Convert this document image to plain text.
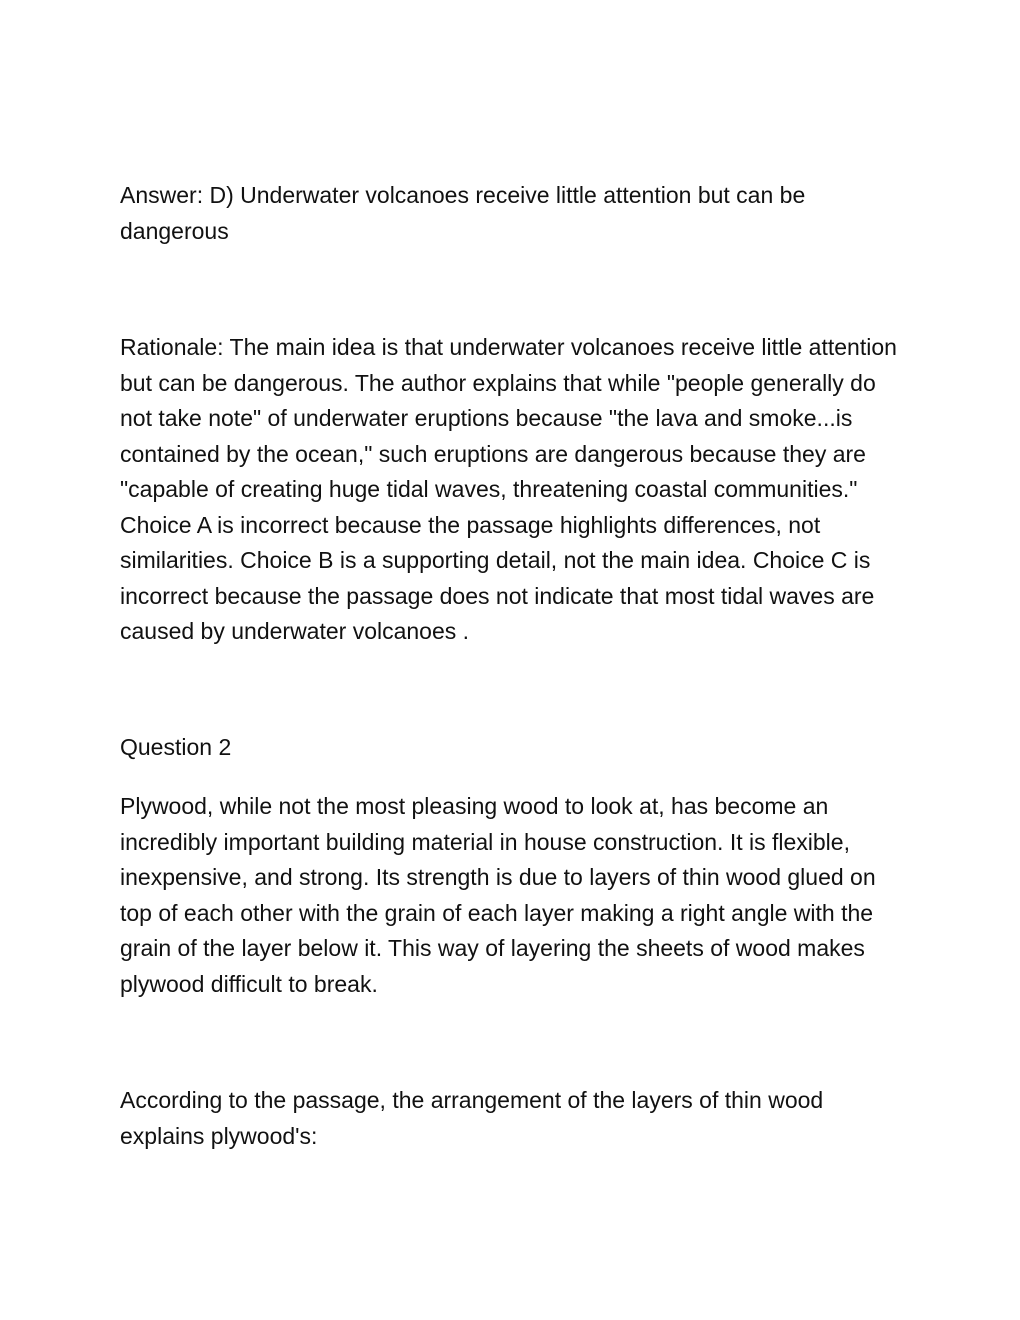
Answer: D) Underwater volcanoes receive little attention but can be dangerous

Rationale: The main idea is that underwater volcanoes receive little attention but can be dangerous. The author explains that while "people generally do not take note" of underwater eruptions because "the lava and smoke...is contained by the ocean," such eruptions are dangerous because they are "capable of creating huge tidal waves, threatening coastal communities." Choice A is incorrect because the passage highlights differences, not similarities. Choice B is a supporting detail, not the main idea. Choice C is incorrect because the passage does not indicate that most tidal waves are caused by underwater volcanoes .

Question 2

Plywood, while not the most pleasing wood to look at, has become an incredibly important building material in house construction. It is flexible, inexpensive, and strong. Its strength is due to layers of thin wood glued on top of each other with the grain of each layer making a right angle with the grain of the layer below it. This way of layering the sheets of wood makes plywood difficult to break.

According to the passage, the arrangement of the layers of thin wood explains plywood's:
